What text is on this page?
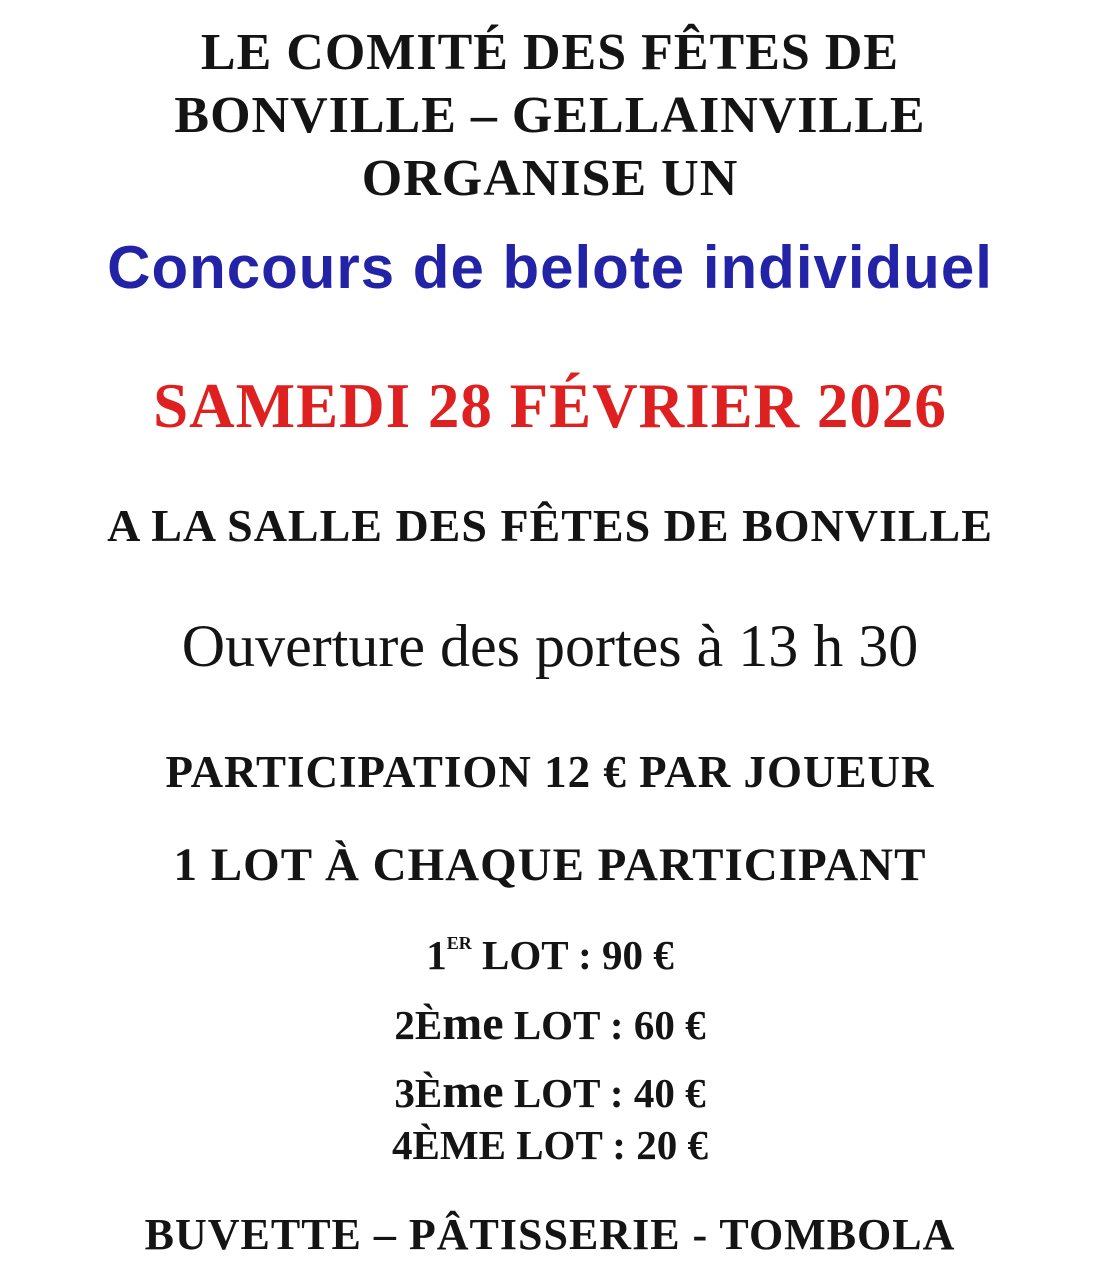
LE COMITÉ DES FÊTES DE

BONVILLE – GELLAINVILLE

ORGANISE UN

Concours de belote individuel

SAMEDI 28 FÉVRIER 2026

A LA SALLE DES FÊTES DE BONVILLE

Ouverture des portes à 13 h 30

PARTICIPATION 12 € PAR JOUEUR

1 LOT À CHAQUE PARTICIPANT

1ER LOT : 90 €

2Ème LOT : 60 €

3Ème LOT : 40 €

4ÈME LOT : 20 €

BUVETTE – PÂTISSERIE - TOMBOLA
